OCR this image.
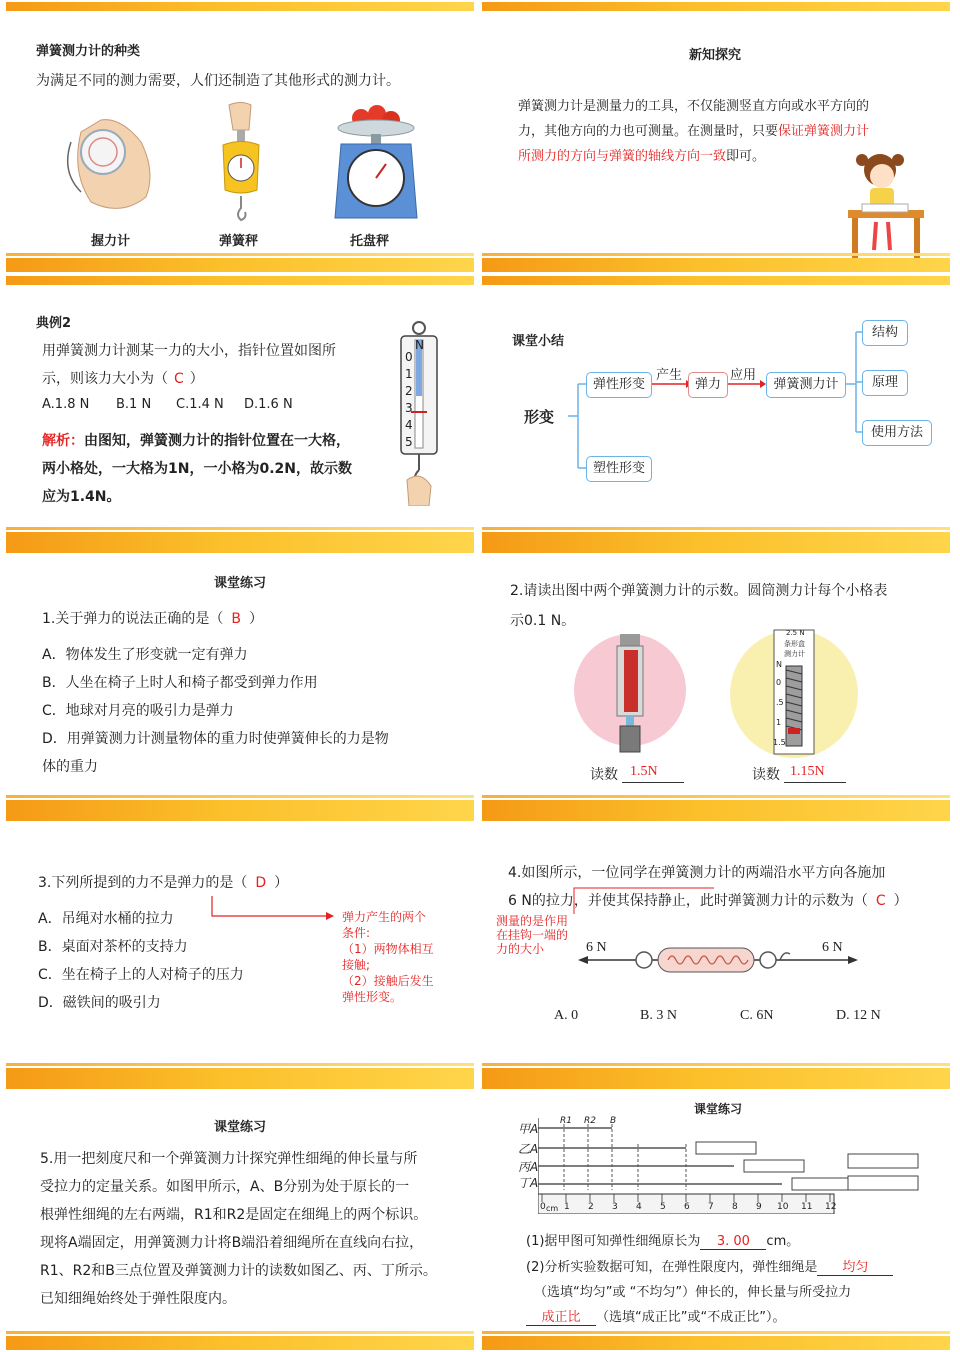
弹簧测力计的种类
为满足不同的测力需要，人们还制造了其他形式的测力计。
握力计	弹簧秤	托盘秤
新知探究
弹簧测力计是测量力的工具，不仅能测竖直方向或水平方向的
力，其他方向的力也可测量。在测量时，只要保证弹簧测力计
所测力的方向与弹簧的轴线方向一致即可。
典例2
用弹簧测力计测某一力的大小，指针位置如图所
示，则该力大小为（ C ）
A.1.8 N B.1 N C.1.4 N D.1.6 N
解析：由图知，弹簧测力计的指针位置在一大格，
两小格处，一大格为1N，一小格为0.2N，故示数
应为1.4N。
N
0
1
2
3
4
5
课堂小结
形变
弹性形变
塑性形变
产生
弹力
应用
弹簧测力计
结构
原理
使用方法
课堂练习
1.关于弹力的说法正确的是（ B ）
A．物体发生了形变就一定有弹力
B．人坐在椅子上时人和椅子都受到弹力作用
C．地球对月亮的吸引力是弹力
D．用弹簧测力计测量物体的重力时使弹簧伸长的力是物
体的重力
2.请读出图中两个弹簧测力计的示数。圆筒测力计每个小格表
示0.1 N。
2.5 N
条形盒
测力计
N
0
.5
1
1.5
读数 1.5N	读数 1.15N
3.下列所提到的力不是弹力的是（ D ）
A．吊绳对水桶的拉力
B．桌面对茶杯的支持力
C．坐在椅子上的人对椅子的压力
D．磁铁间的吸引力
弹力产生的两个
条件:
（1）两物体相互
接触;
（2）接触后发生
弹性形变。
4.如图所示，一位同学在弹簧测力计的两端沿水平方向各施加
6 N的拉力，并使其保持静止，此时弹簧测力计的示数为（ C ）
测量的是作用
在挂钩一端的
力的大小	6 N	6 N
A. 0	B. 3 N	C. 6N	D. 12 N
课堂练习
5.用一把刻度尺和一个弹簧测力计探究弹性细绳的伸长量与所
受拉力的定量关系。如图甲所示，A、B分别为处于原长的一
根弹性细绳的左右两端，R1和R2是固定在细绳上的两个标识。
现将A端固定，用弹簧测力计将B端沿着细绳所在直线向右拉，
R1、R2和B三点位置及弹簧测力计的读数如图乙、丙、丁所示。
已知细绳始终处于弹性限度内。
课堂练习
甲A
乙A
丙A
丁A
R1 R2 B
0 1 2 3 4 5 6 7 8 9 10 11 12
cm
(1)据甲图可知弹性细绳原长为 3. 00 cm。
(2)分析实验数据可知，在弹性限度内，弹性细绳是 均匀
（选填“均匀”或 “不均匀”）伸长的，伸长量与所受拉力
成正比 （选填“成正比”或“不成正比”）。
